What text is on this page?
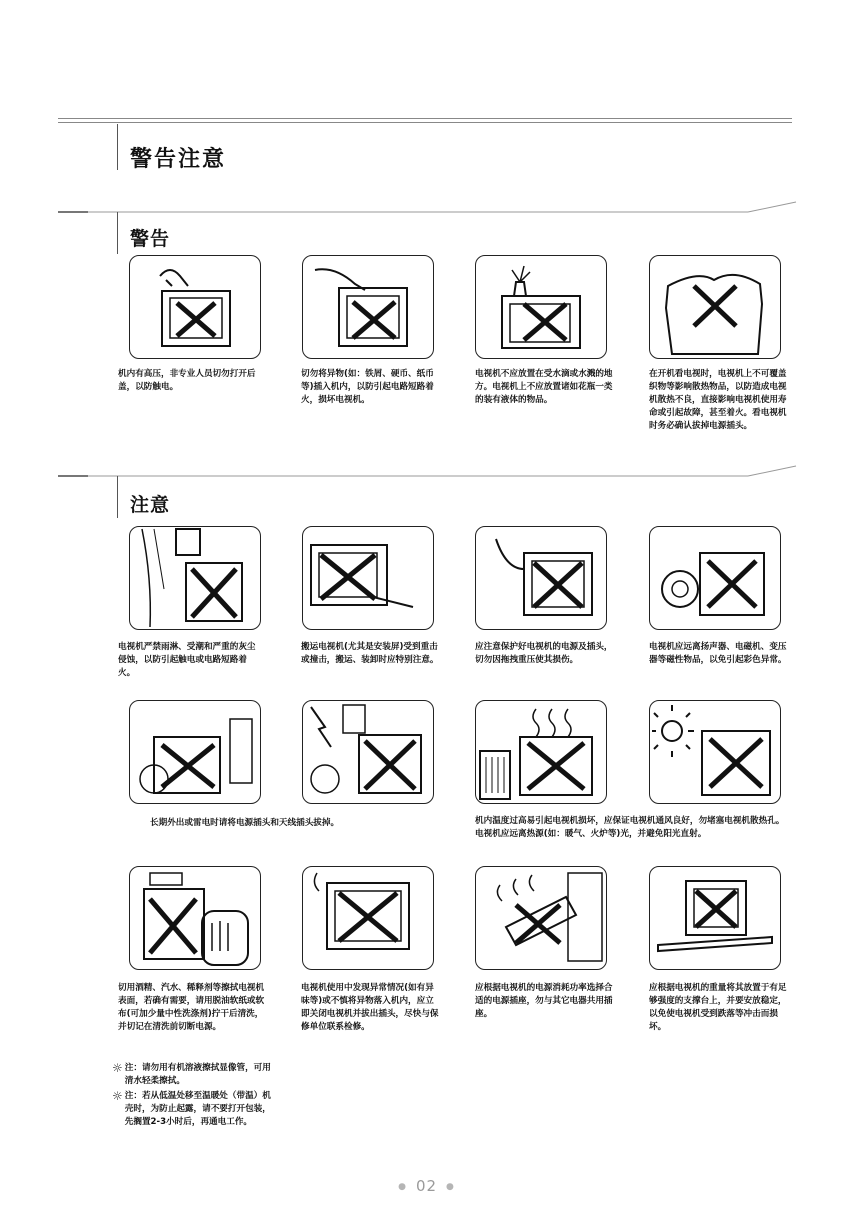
警告注意
警告
机内有高压，非专业人员切勿打开后盖，以防触电。
切勿将异物(如：铁屑、硬币、纸币等)插入机内，以防引起电路短路着火，损坏电视机。
电视机不应放置在受水滴或水溅的地方。电视机上不应放置诸如花瓶一类的装有液体的物品。
在开机看电视时，电视机上不可覆盖织物等影响散热物品，以防造成电视机散热不良，直接影响电视机使用寿命或引起故障，甚至着火。看电视机时务必确认拔掉电源插头。
注意
电视机严禁雨淋、受潮和严重的灰尘侵蚀，以防引起触电或电路短路着火。
搬运电视机(尤其是安装屏)受到重击或撞击，搬运、装卸时应特别注意。
应注意保护好电视机的电源及插头，切勿因拖拽重压使其损伤。
电视机应远离扬声器、电磁机、变压器等磁性物品，以免引起彩色异常。
长期外出或雷电时请将电源插头和天线插头拔掉。	机内温度过高易引起电视机损坏，应保证电视机通风良好，勿堵塞电视机散热孔。电视机应远离热源(如：暖气、火炉等)光，并避免阳光直射。
切用酒精、汽水、稀释剂等擦拭电视机表面，若确有需要，请用脱油软纸或软布(可加少量中性洗涤剂)拧干后清洗，并切记在清洗前切断电源。
电视机使用中发现异常情况(如有异味等)或不慎将异物落入机内，应立即关闭电视机并拔出插头，尽快与保修单位联系检修。
应根据电视机的电源消耗功率选择合适的电源插座，勿与其它电器共用插座。
应根据电视机的重量将其放置于有足够强度的支撑台上，并要安放稳定，以免使电视机受到跌落等冲击而损坏。
☼ 注：请勿用有机溶液擦拭显像管，可用清水轻柔擦拭。
☼ 注：若从低温处移至温暖处（带温）机壳时，为防止起露，请不要打开包装，先搁置2-3小时后，再通电工作。
● 02 ●
